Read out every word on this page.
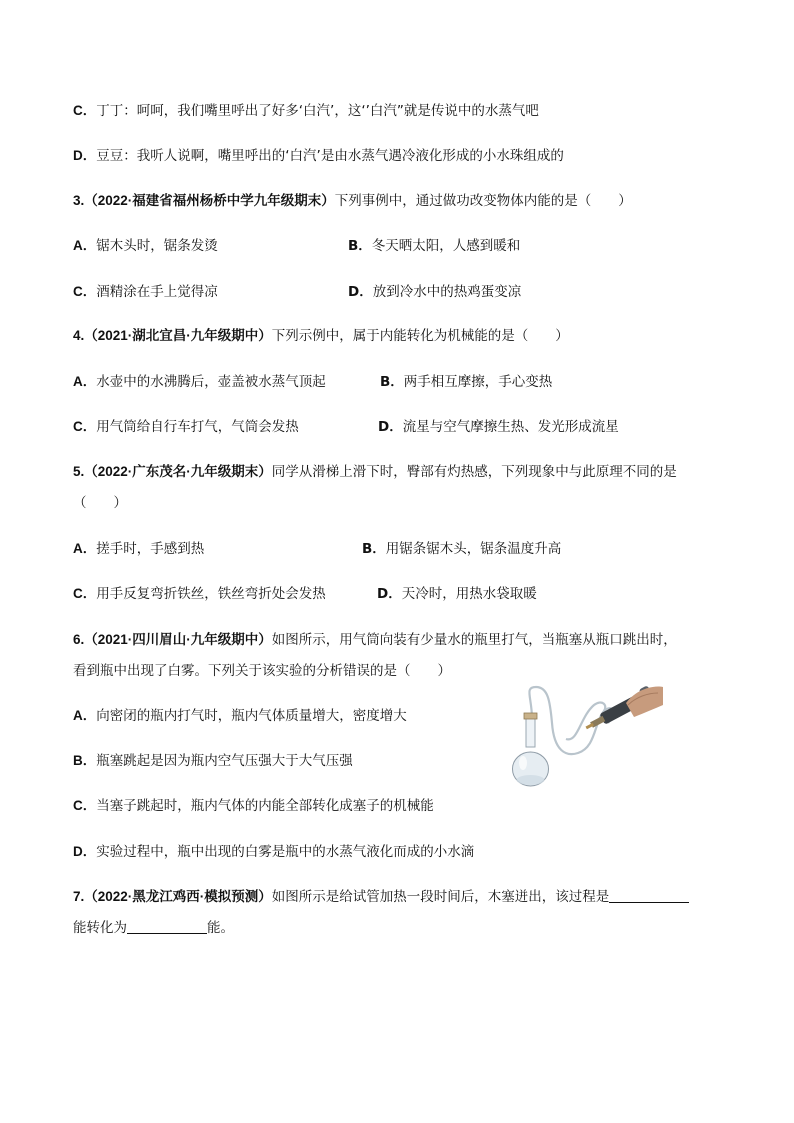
C．丁丁：呵呵，我们嘴里呼出了好多‘白汽’，这‘’白汽”就是传说中的水蒸气吧
D．豆豆：我听人说啊，嘴里呼出的‘白汽’是由水蒸气遇冷液化形成的小水珠组成的
3.（2022·福建省福州杨桥中学九年级期末）下列事例中，通过做功改变物体内能的是（　　）
A．锯木头时，锯条发烫	B．冬天晒太阳，人感到暖和
C．酒精涂在手上觉得凉	D．放到冷水中的热鸡蛋变凉
4.（2021·湖北宜昌·九年级期中）下列示例中，属于内能转化为机械能的是（　　）
A．水壶中的水沸腾后，壶盖被水蒸气顶起	B．两手相互摩擦，手心变热
C．用气筒给自行车打气，气筒会发热	D．流星与空气摩擦生热、发光形成流星
5.（2022·广东茂名·九年级期末）同学从滑梯上滑下时，臀部有灼热感，下列现象中与此原理不同的是
（　　）
A．搓手时，手感到热	B．用锯条锯木头，锯条温度升高
C．用手反复弯折铁丝，铁丝弯折处会发热	D．天冷时，用热水袋取暖
6.（2021·四川眉山·九年级期中）如图所示，用气筒向装有少量水的瓶里打气，当瓶塞从瓶口跳出时，
看到瓶中出现了白雾。下列关于该实验的分析错误的是（　　）
A．向密闭的瓶内打气时，瓶内气体质量增大，密度增大
B．瓶塞跳起是因为瓶内空气压强大于大气压强
C．当塞子跳起时，瓶内气体的内能全部转化成塞子的机械能
D．实验过程中，瓶中出现的白雾是瓶中的水蒸气液化而成的小水滴
7.（2022·黑龙江鸡西·模拟预测）如图所示是给试管加热一段时间后，木塞迸出，该过程是
能转化为	能。
